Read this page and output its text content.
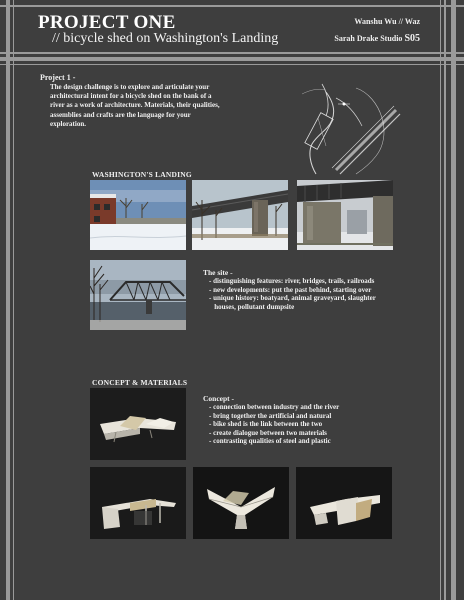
PROJECT ONE
// bicycle shed on Washington's Landing
Wanshu Wu // Waz
Sarah Drake Studio S05
Project 1 -
The design challenge is to explore and articulate your architectural intent for a bicycle shed on the bank of a river as a work of architecture. Materials, their qualities, assemblies and crafts are the language for your exploration.
WASHINGTON'S LANDING
The site -
- distinguishing features: river, bridges, trails, railroads
- new developments: put the past behind, starting over
- unique history: boatyard, animal graveyard, slaughter
houses, pollutant dumpsite
CONCEPT & MATERIALS
Concept -
- connection between industry and the river
- bring together the artificial and natural
- bike shed is the link between the two
- create dialogue between two materials
- contrasting qualities of steel and plastic
